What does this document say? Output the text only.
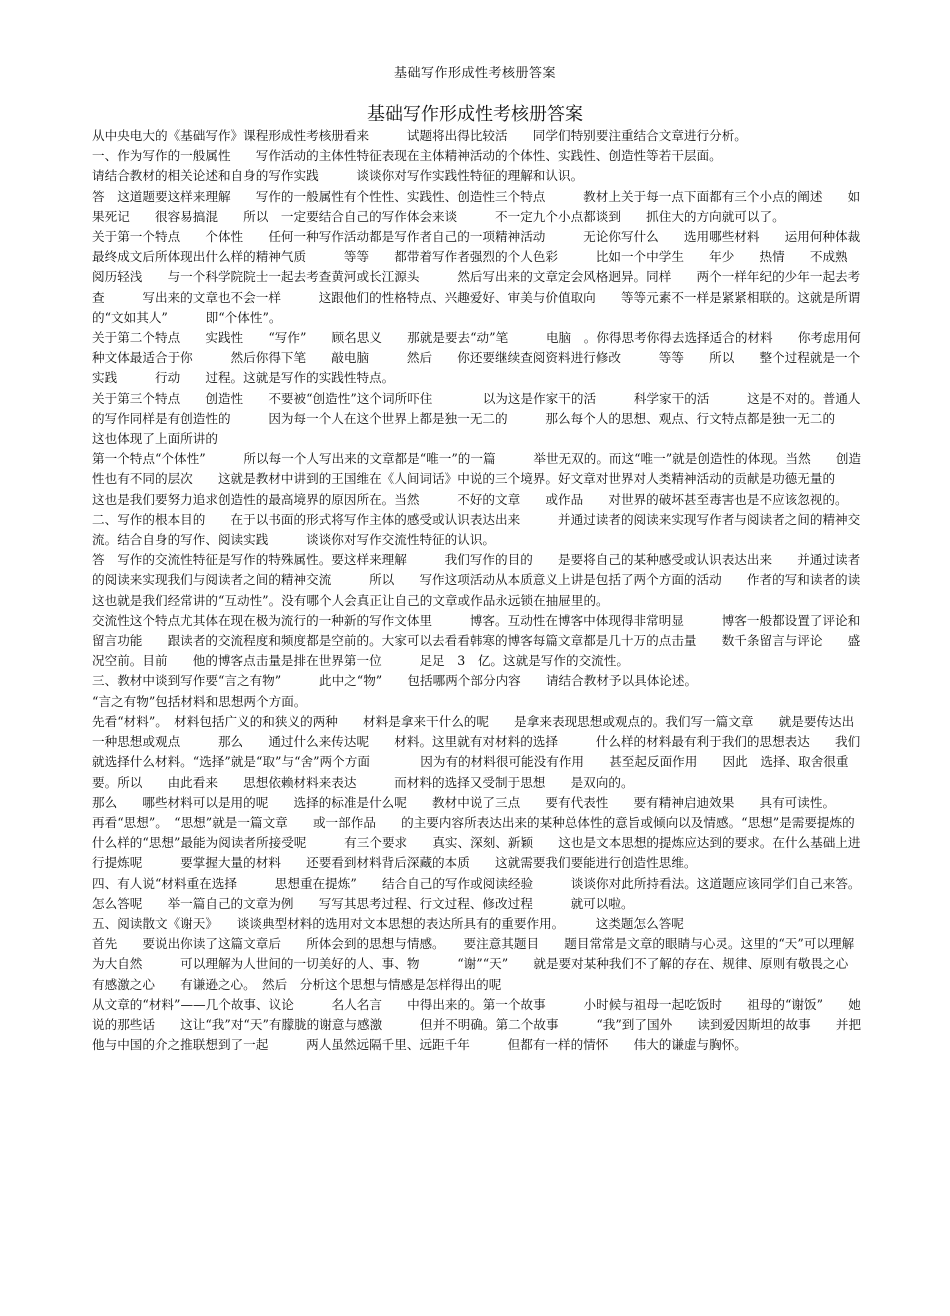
基础写作形成性考核册答案
基础写作形成性考核册答案

从中央电大的《基础写作》课程形成性考核册看来　　　试题将出得比较活　　同学们特别要注重结合文章进行分析。

一、作为写作的一般属性　　写作活动的主体性特征表现在主体精神活动的个体性、实践性、创造性等若干层面。

请结合教材的相关论述和自身的写作实践　　　谈谈你对写作实践性特征的理解和认识。

答　这道题要这样来理解　　写作的一般属性有个性性、实践性、创造性三个特点　　　教材上关于每一点下面都有三个小点的阐述　　如果死记　　很容易搞混　　所以　一定要结合自己的写作体会来谈　　　不一定九个小点都谈到　　抓住大的方向就可以了。

关于第一个特点　　个体性　　任何一种写作活动都是写作者自己的一项精神活动　　　无论你写什么　　选用哪些材料　　运用何种体裁　　最终成文后所体现出什么样的精神气质　　　等等　　都带着写作者强烈的个人色彩　　　比如一个中学生　　年少　　热情　　不成熟　　阅历轻浅　　与一个科学院院士一起去考查黄河或长江源头　　　然后写出来的文章定会风格迥异。同样　　两个一样年纪的少年一起去考查　　　写出来的文章也不会一样　　　这跟他们的性格特点、兴趣爱好、审美与价值取向　　等等元素不一样是紧紧相联的。这就是所谓的“文如其人”　　　即“个体性”。

关于第二个特点　　实践性　　“写作”　　顾名思义　　那就是要去“动”笔　　　电脑　。你得思考你得去选择适合的材料　　你考虑用何种文体最适合于你　　　然后你得下笔　　敲电脑　　　然后　　你还要继续查阅资料进行修改　　　等等　　所以　　整个过程就是一个实践　　　行动　　过程。这就是写作的实践性特点。

关于第三个特点　　创造性　　不要被“创造性”这个词所吓住　　　　以为这是作家干的活　　　科学家干的活　　　这是不对的。普通人的写作同样是有创造性的　　　因为每一个人在这个世界上都是独一无二的　　　那么每个人的思想、观点、行文特点都是独一无二的　　　这也体现了上面所讲的

第一个特点“个体性”　　　所以每一个人写出来的文章都是“唯一”的一篇　　　举世无双的。而这“唯一”就是创造性的体现。当然　　创造性也有不同的层次　　这就是教材中讲到的王国维在《人间词话》中说的三个境界。好文章对世界对人类精神活动的贡献是功德无量的　　　　这也是我们要努力追求创造性的最高境界的原因所在。当然　　　不好的文章　　或作品　　对世界的破坏甚至毒害也是不应该忽视的。

二、写作的根本目的　　在于以书面的形式将写作主体的感受或认识表达出来　　　并通过读者的阅读来实现写作者与阅读者之间的精神交流。结合自身的写作、阅读实践　　　谈谈你对写作交流性特征的认识。

答　写作的交流性特征是写作的特殊属性。要这样来理解　　　我们写作的目的　　是要将自己的某种感受或认识表达出来　　并通过读者的阅读来实现我们与阅读者之间的精神交流　　　所以　　写作这项活动从本质意义上讲是包括了两个方面的活动　　作者的写和读者的读　　这也就是我们经常讲的“互动性”。没有哪个人会真正让自己的文章或作品永远锁在抽屉里的。

交流性这个特点尤其体在现在极为流行的一种新的写作文体里　　　博客。互动性在博客中体现得非常明显　　　博客一般都设置了评论和留言功能　　跟读者的交流程度和频度都是空前的。大家可以去看看韩寒的博客每篇文章都是几十万的点击量　　数千条留言与评论　　盛况空前。目前　　他的博客点击量是排在世界第一位　　　足足　3　亿。这就是写作的交流性。

三、教材中谈到写作要“言之有物”　　　此中之“物”　　包括哪两个部分内容　　请结合教材予以具体论述。

“言之有物”包括材料和思想两个方面。

先看“材料”。　材料包括广义的和狭义的两种　　材料是拿来干什么的呢　　是拿来表现思想或观点的。我们写一篇文章　　就是要传达出一种思想或观点　　　那么　　通过什么来传达呢　　材料。这里就有对材料的选择　　　什么样的材料最有利于我们的思想表达　　我们就选择什么材料。“选择”就是“取”与“舍”两个方面　　　　因为有的材料很可能没有作用　　甚至起反面作用　　因此　选择、取舍很重要。所以　　由此看来　　思想依赖材料来表达　　　而材料的选择又受制于思想　　是双向的。

那么　　哪些材料可以是用的呢　　选择的标准是什么呢　　教材中说了三点　　要有代表性　　要有精神启迪效果　　具有可读性。

再看“思想”。　“思想”就是一篇文章　　或一部作品　　的主要内容所表达出来的某种总体性的意旨或倾向以及情感。“思想”是需要提炼的　　　什么样的“思想”最能为阅读者所接受呢　　　有三个要求　　真实、深刻、新颖　　这也是文本思想的提炼应达到的要求。在什么基础上进行提炼呢　　　要掌握大量的材料　　还要看到材料背后深藏的本质　　这就需要我们要能进行创造性思维。

四、有人说“材料重在选择　　　思想重在提炼”　　结合自己的写作或阅读经验　　　谈谈你对此所持看法。这道题应该同学们自己来答。怎么答呢　　举一篇自己的文章为例　　写写其思考过程、行文过程、修改过程　　　就可以啦。

五、阅读散文《谢天》　　谈谈典型材料的选用对文本思想的表达所具有的重要作用。　　　这类题怎么答呢

首先　　要说出你读了这篇文章后　　所体会到的思想与情感。　　要注意其题目　　题目常常是文章的眼睛与心灵。这里的“天”可以理解为大自然　　　可以理解为人世间的一切美好的人、事、物　　　“谢”“天”　　就是要对某种我们不了解的存在、规律、原则有敬畏之心　　　有感激之心　　有谦逊之心。　然后　分析这个思想与情感是怎样得出的呢

从文章的“材料”——几个故事、议论　　　名人名言　　中得出来的。第一个故事　　　小时候与祖母一起吃饭时　　祖母的“谢饭”　　她说的那些话　　这让“我”对“天”有朦胧的谢意与感激　　　但并不明确。第二个故事　　　“我”到了国外　　读到爱因斯坦的故事　　并把他与中国的介之推联想到了一起　　　两人虽然远隔千里、远距千年　　　但都有一样的情怀　　伟大的谦虚与胸怀。
